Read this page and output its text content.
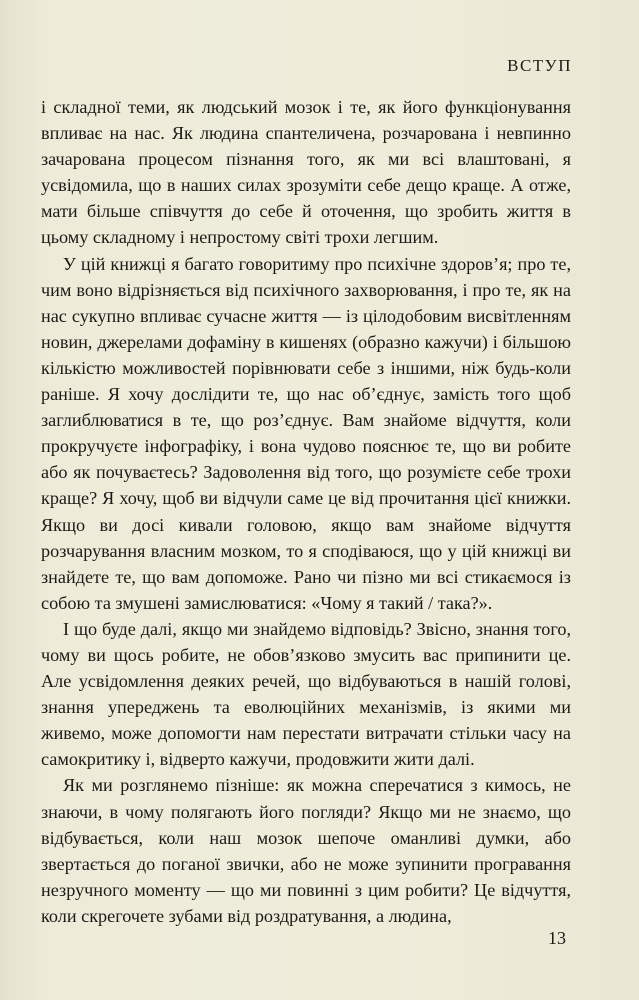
ВСТУП

і складної теми, як людський мозок і те, як його функціонування впливає на нас. Як людина спантеличена, розчарована і невпинно зачарована процесом пізнання того, як ми всі влаштовані, я усвідомила, що в наших силах зрозуміти себе дещо краще. А отже, мати більше співчуття до себе й оточення, що зробить життя в цьому складному і непростому світі трохи легшим.

У цій книжці я багато говоритиму про психічне здоров’я; про те, чим воно відрізняється від психічного захворювання, і про те, як на нас сукупно впливає сучасне життя — із цілодобовим висвітленням новин, джерелами дофаміну в кишенях (образно кажучи) і більшою кількістю можливостей порівнювати себе з іншими, ніж будь-коли раніше. Я хочу дослідити те, що нас об’єднує, замість того щоб заглиблюватися в те, що роз’єднує. Вам знайоме відчуття, коли прокручуєте інфографіку, і вона чудово пояснює те, що ви робите або як почуваєтесь? Задоволення від того, що розумієте себе трохи краще? Я хочу, щоб ви відчули саме це від прочитання цієї книжки. Якщо ви досі кивали головою, якщо вам знайоме відчуття розчарування власним мозком, то я сподіваюся, що у цій книжці ви знайдете те, що вам допоможе. Рано чи пізно ми всі стикаємося із собою та змушені замислюватися: «Чому я такий / така?».

І що буде далі, якщо ми знайдемо відповідь? Звісно, знання того, чому ви щось робите, не обов’язково змусить вас припинити це. Але усвідомлення деяких речей, що відбуваються в нашій голові, знання упереджень та еволюційних механізмів, із якими ми живемо, може допомогти нам перестати витрачати стільки часу на самокритику і, відверто кажучи, продовжити жити далі.

Як ми розглянемо пізніше: як можна сперечатися з кимось, не знаючи, в чому полягають його погляди? Якщо ми не знаємо, що відбувається, коли наш мозок шепоче оманливі думки, або звертається до поганої звички, або не може зупинити програвання незручного моменту — що ми повинні з цим робити? Це відчуття, коли скрегочете зубами від роздратування, а людина,

13
